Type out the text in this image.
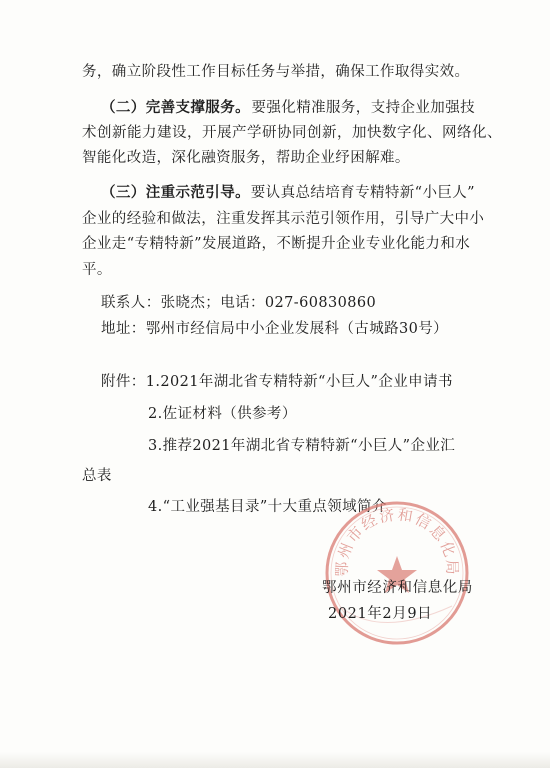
务，确立阶段性工作目标任务与举措，确保工作取得实效。
（二）完善支撑服务。 要强化精准服务，支持企业加强技
术创新能力建设，开展产学研协同创新，加快数字化、网络化、
智能化改造，深化融资服务，帮助企业纾困解难。
（三）注重示范引导。 要认真总结培育专精特新“小巨人”
企业的经验和做法，注重发挥其示范引领作用，引导广大中小
企业走“专精特新”发展道路，不断提升企业专业化能力和水
平。
联系人：张晓杰；电话：027-60830860
地址：鄂州市经信局中小企业发展科（古城路30号）
附件：1.2021年湖北省专精特新“小巨人”企业申请书
2.佐证材料（供参考）
3.推荐2021年湖北省专精特新“小巨人”企业汇
总表
4.“工业强基目录”十大重点领域简介
鄂州市经济和信息化局
鄂州市经济和信息化局
2021年2月9日
